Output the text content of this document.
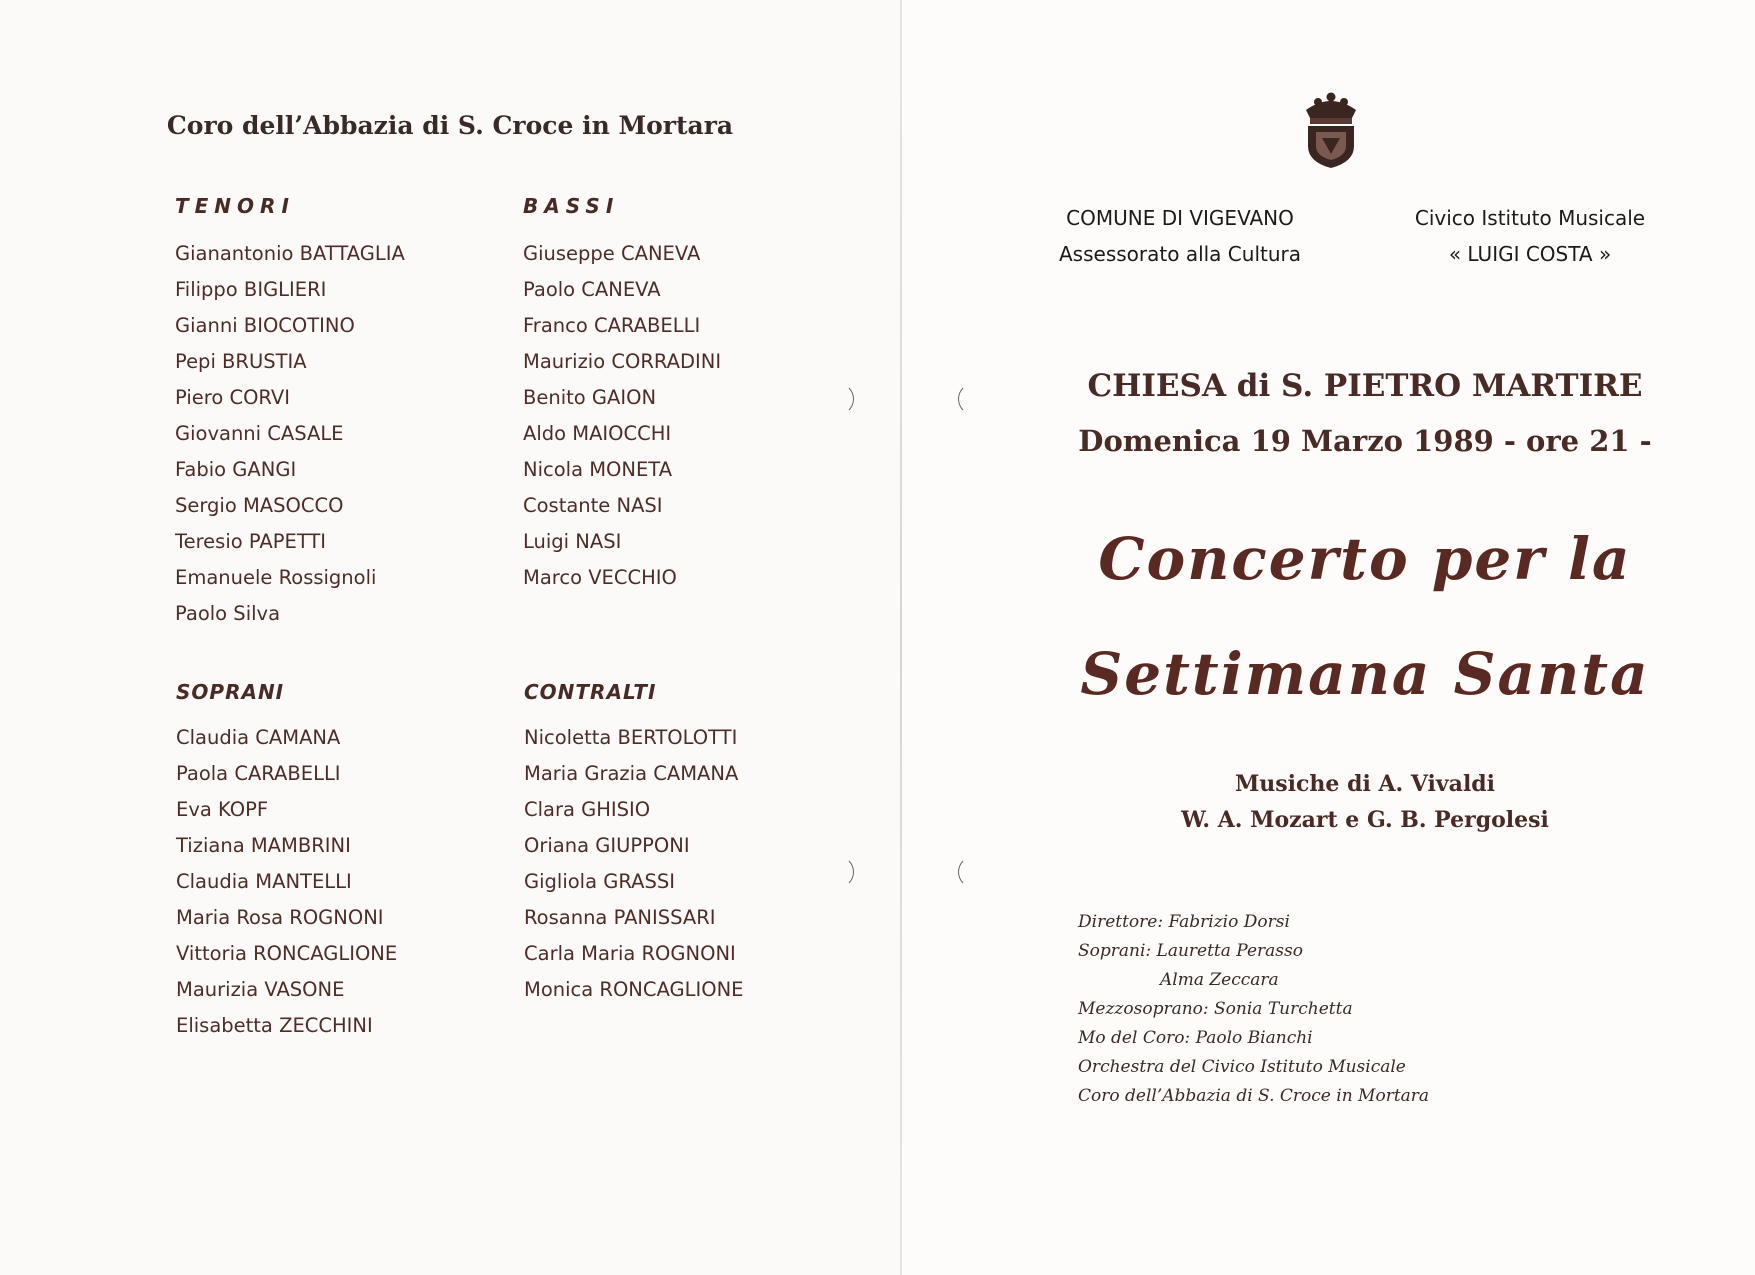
Coro dell’Abbazia di S. Croce in Mortara
TENORI
Gianantonio BATTAGLIA
Filippo BIGLIERI
Gianni BIOCOTINO
Pepi BRUSTIA
Piero CORVI
Giovanni CASALE
Fabio GANGI
Sergio MASOCCO
Teresio PAPETTI
Emanuele Rossignoli
Paolo Silva
BASSI
Giuseppe CANEVA
Paolo CANEVA
Franco CARABELLI
Maurizio CORRADINI
Benito GAION
Aldo MAIOCCHI
Nicola MONETA
Costante NASI
Luigi NASI
Marco VECCHIO
SOPRANI
Claudia CAMANA
Paola CARABELLI
Eva KOPF
Tiziana MAMBRINI
Claudia MANTELLI
Maria Rosa ROGNONI
Vittoria RONCAGLIONE
Maurizia VASONE
Elisabetta ZECCHINI
CONTRALTI
Nicoletta BERTOLOTTI
Maria Grazia CAMANA
Clara GHISIO
Oriana GIUPPONI
Gigliola GRASSI
Rosanna PANISSARI
Carla Maria ROGNONI
Monica RONCAGLIONE
COMUNE DI VIGEVANO
Assessorato alla Cultura
Civico Istituto Musicale
« LUIGI COSTA »
CHIESA di S. PIETRO MARTIRE
Domenica 19 Marzo 1989 - ore 21 -
Concerto per la
Settimana Santa
Musiche di A. Vivaldi
W. A. Mozart e G. B. Pergolesi
Direttore: Fabrizio Dorsi
Soprani: Lauretta Perasso
Alma Zeccara
Mezzosoprano: Sonia Turchetta
Mo del Coro: Paolo Bianchi
Orchestra del Civico Istituto Musicale
Coro dell’Abbazia di S. Croce in Mortara
